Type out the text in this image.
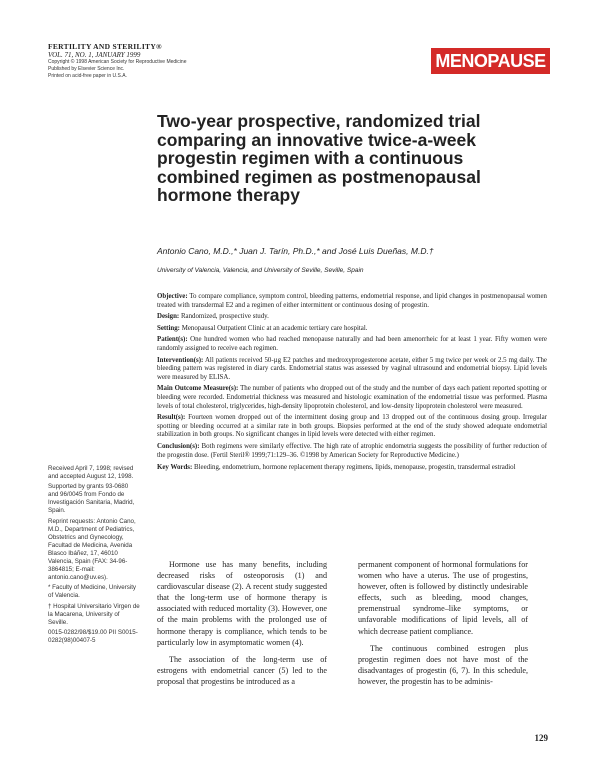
FERTILITY AND STERILITY®
VOL. 71, NO. 1, JANUARY 1999
Copyright © 1998 American Society for Reproductive Medicine
Published by Elsevier Science Inc.
Printed on acid-free paper in U.S.A.
MENOPAUSE
Two-year prospective, randomized trial comparing an innovative twice-a-week progestin regimen with a continuous combined regimen as postmenopausal hormone therapy
Antonio Cano, M.D.,* Juan J. Tarín, Ph.D.,* and José Luis Dueñas, M.D.†
University of Valencia, Valencia, and University of Seville, Seville, Spain

Objective: To compare compliance, symptom control, bleeding patterns, endometrial response, and lipid changes in postmenopausal women treated with transdermal E2 and a regimen of either intermittent or continuous dosing of progestin.

Design: Randomized, prospective study.

Setting: Menopausal Outpatient Clinic at an academic tertiary care hospital.

Patient(s): One hundred women who had reached menopause naturally and had been amenorrheic for at least 1 year. Fifty women were randomly assigned to receive each regimen.

Intervention(s): All patients received 50-µg E2 patches and medroxyprogesterone acetate, either 5 mg twice per week or 2.5 mg daily. The bleeding pattern was registered in diary cards. Endometrial status was assessed by vaginal ultrasound and endometrial biopsy. Lipid levels were measured by ELISA.

Main Outcome Measure(s): The number of patients who dropped out of the study and the number of days each patient reported spotting or bleeding were recorded. Endometrial thickness was measured and histologic examination of the endometrial tissue was performed. Plasma levels of total cholesterol, triglycerides, high-density lipoprotein cholesterol, and low-density lipoprotein cholesterol were measured.

Result(s): Fourteen women dropped out of the intermittent dosing group and 13 dropped out of the continuous dosing group. Irregular spotting or bleeding occurred at a similar rate in both groups. Biopsies performed at the end of the study showed adequate endometrial stabilization in both groups. No significant changes in lipid levels were detected with either regimen.

Conclusion(s): Both regimens were similarly effective. The high rate of atrophic endometria suggests the possibility of further reduction of the progestin dose. (Fertil Steril® 1999;71:129–36. ©1998 by American Society for Reproductive Medicine.)

Key Words: Bleeding, endometrium, hormone replacement therapy regimens, lipids, menopause, progestin, transdermal estradiol

Received April 7, 1998; revised and accepted August 12, 1998.

Supported by grants 93-0680 and 96/0045 from Fondo de Investigación Sanitaria, Madrid, Spain.

Reprint requests: Antonio Cano, M.D., Department of Pediatrics, Obstetrics and Gynecology, Facultad de Medicina, Avenida Blasco Ibáñez, 17, 46010 Valencia, Spain (FAX: 34-96-3864815; E-mail: antonio.cano@uv.es).

* Faculty of Medicine, University of Valencia.

† Hospital Universitario Virgen de la Macarena, University of Seville.

0015-0282/98/$19.00 PII S0015-0282(98)00407-5

Hormone use has many benefits, including decreased risks of osteoporosis (1) and cardiovascular disease (2). A recent study suggested that the long-term use of hormone therapy is associated with reduced mortality (3). However, one of the main problems with the prolonged use of hormone therapy is compliance, which tends to be particularly low in asymptomatic women (4).

The association of the long-term use of estrogens with endometrial cancer (5) led to the proposal that progestins be introduced as a

permanent component of hormonal formulations for women who have a uterus. The use of progestins, however, often is followed by distinctly undesirable effects, such as bleeding, mood changes, premenstrual syndrome–like symptoms, or unfavorable modifications of lipid levels, all of which decrease patient compliance.

The continuous combined estrogen plus progestin regimen does not have most of the disadvantages of progestin (6, 7). In this schedule, however, the progestin has to be adminis-

129
